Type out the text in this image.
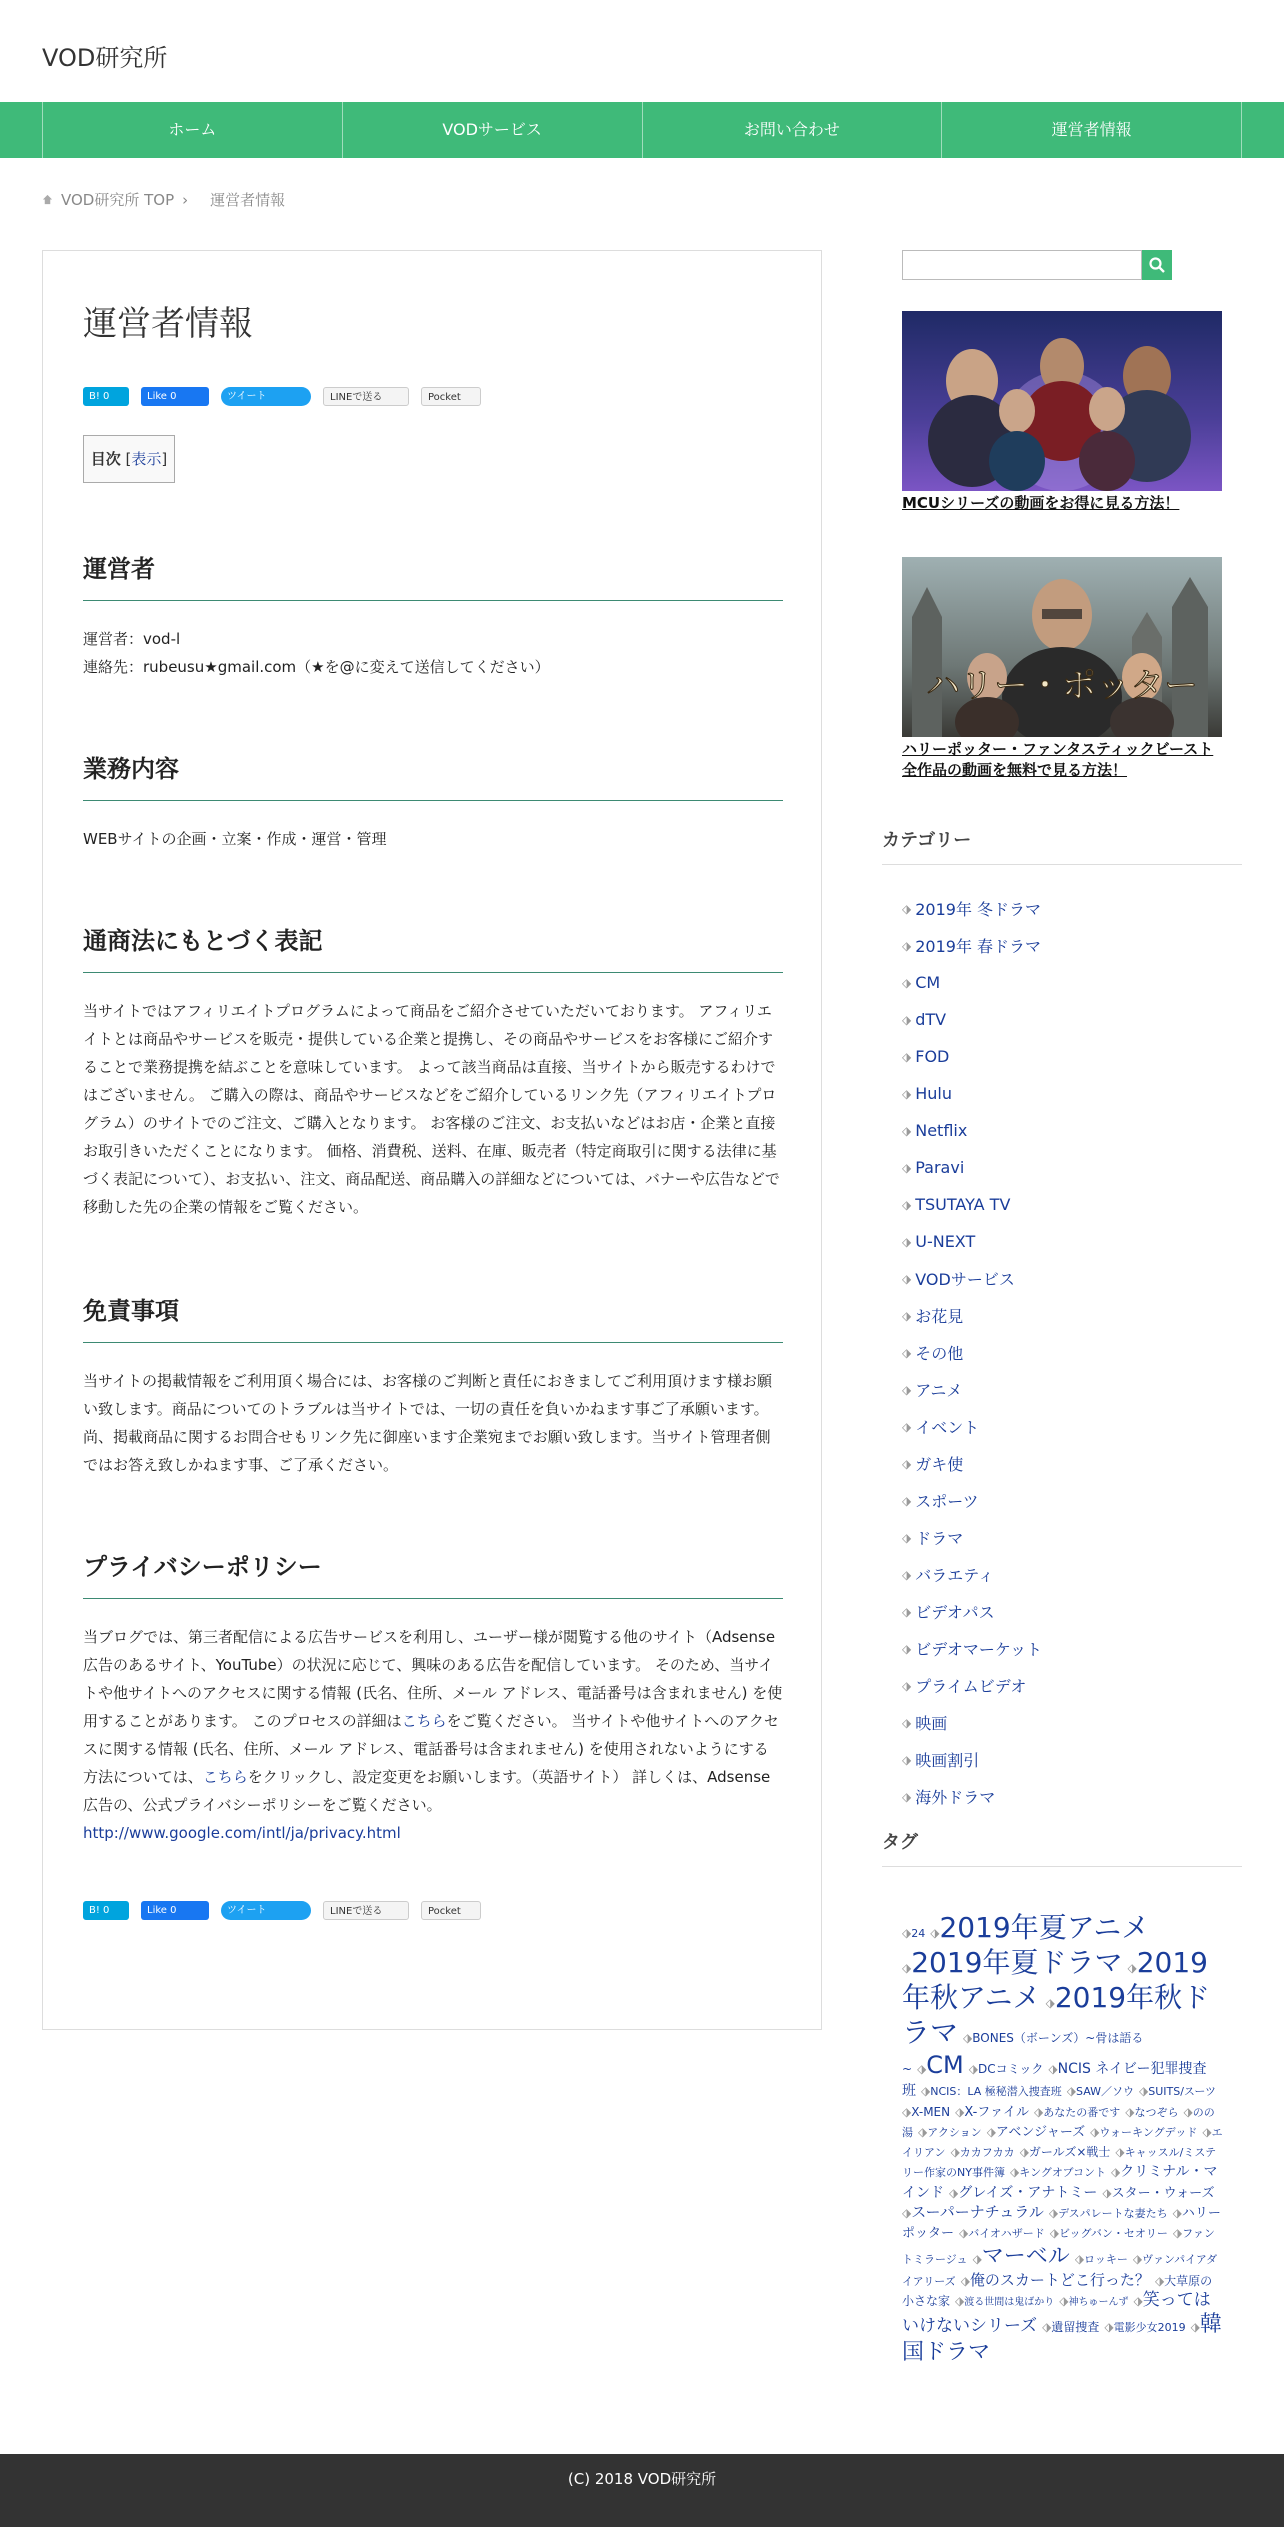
VOD研究所
ホーム	VODサービス	お問い合わせ	運営者情報
VOD研究所 TOP › 運営者情報
運営者情報
B! 0	Like 0	ツイート	LINEで送る	Pocket
目次 [表示]
運営者
運営者：vod-l
連絡先：rubeusu★gmail.com（★を@に変えて送信してください）
業務内容

WEBサイトの企画・立案・作成・運営・管理

通商法にもとづく表記

当サイトではアフィリエイトプログラムによって商品をご紹介させていただいております。 アフィリエイトとは商品やサービスを販売・提供している企業と提携し、その商品やサービスをお客様にご紹介することで業務提携を結ぶことを意味しています。 よって該当商品は直接、当サイトから販売するわけではございません。 ご購入の際は、商品やサービスなどをご紹介しているリンク先（アフィリエイトプログラム）のサイトでのご注文、ご購入となります。 お客様のご注文、お支払いなどはお店・企業と直接お取引きいただくことになります。 価格、消費税、送料、在庫、販売者（特定商取引に関する法律に基づく表記について）、お支払い、注文、商品配送、商品購入の詳細などについては、バナーや広告などで移動した先の企業の情報をご覧ください。

免責事項

当サイトの掲載情報をご利用頂く場合には、お客様のご判断と責任におきましてご利用頂けます様お願い致します。商品についてのトラブルは当サイトでは、一切の責任を負いかねます事ご了承願います。尚、掲載商品に関するお問合せもリンク先に御座います企業宛までお願い致します。当サイト管理者側ではお答え致しかねます事、ご了承ください。

プライバシーポリシー
当ブログでは、第三者配信による広告サービスを利用し、ユーザー様が閲覧する他のサイト（Adsense広告のあるサイト、YouTube）の状況に応じて、興味のある広告を配信しています。 そのため、当サイトや他サイトへのアクセスに関する情報 (氏名、住所、メール アドレス、電話番号は含まれません) を使用することがあります。 このプロセスの詳細はこちらをご覧ください。 当サイトや他サイトへのアクセスに関する情報 (氏名、住所、メール アドレス、電話番号は含まれません) を使用されないようにする方法については、こちらをクリックし、設定変更をお願いします。（英語サイト） 詳しくは、Adsense広告の、公式プライバシーポリシーをご覧ください。
http://www.google.com/intl/ja/privacy.html
B! 0	Like 0	ツイート	LINEで送る	Pocket
MCUシリーズの動画をお得に見る方法！
ハリー・ポッター
ハリーポッター・ファンタスティックビースト全作品の動画を無料で見る方法！
カテゴリー
⬗ 2019年 冬ドラマ
⬗ 2019年 春ドラマ
⬗ CM
⬗ dTV
⬗ FOD
⬗ Hulu
⬗ Netflix
⬗ Paravi
⬗ TSUTAYA TV
⬗ U-NEXT
⬗ VODサービス
⬗ お花見
⬗ その他
⬗ アニメ
⬗ イベント
⬗ ガキ使
⬗ スポーツ
⬗ ドラマ
⬗ バラエティ
⬗ ビデオパス
⬗ ビデオマーケット
⬗ プライムビデオ
⬗ 映画
⬗ 映画割引
⬗ 海外ドラマ
タグ
⬗24 ⬗2019年夏アニメ⬗2019年夏ドラマ ⬗2019年秋アニメ ⬗2019年秋ドラマ ⬗BONES（ボーンズ）~骨は語る~ ⬗CM ⬗DCコミック ⬗NCIS ネイビー犯罪捜査班 ⬗NCIS：LA 極秘潜入捜査班 ⬗SAW／ソウ ⬗SUITS/スーツ⬗X-MEN ⬗X-ファイル ⬗あなたの番です ⬗なつぞら ⬗のの湯 ⬗アクション ⬗アベンジャーズ ⬗ウォーキングデッド ⬗エイリアン ⬗カカフカカ ⬗ガールズ×戦士 ⬗キャッスル/ミステリー作家のNY事件簿 ⬗キングオブコント ⬗クリミナル・マインド ⬗グレイズ・アナトミー ⬗スター・ウォーズ⬗スーパーナチュラル ⬗デスパレートな妻たち ⬗ハリーポッター ⬗バイオハザード ⬗ビッグバン・セオリー ⬗ファントミラージュ ⬗マーベル ⬗ロッキー ⬗ヴァンパイアダイアリーズ ⬗俺のスカートどこ行った？ ⬗大草原の小さな家 ⬗渡る世間は鬼ばかり ⬗神ちゅーんず ⬗笑ってはいけないシリーズ ⬗遺留捜査 ⬗電影少女2019 ⬗韓国ドラマ
(C) 2018 VOD研究所
